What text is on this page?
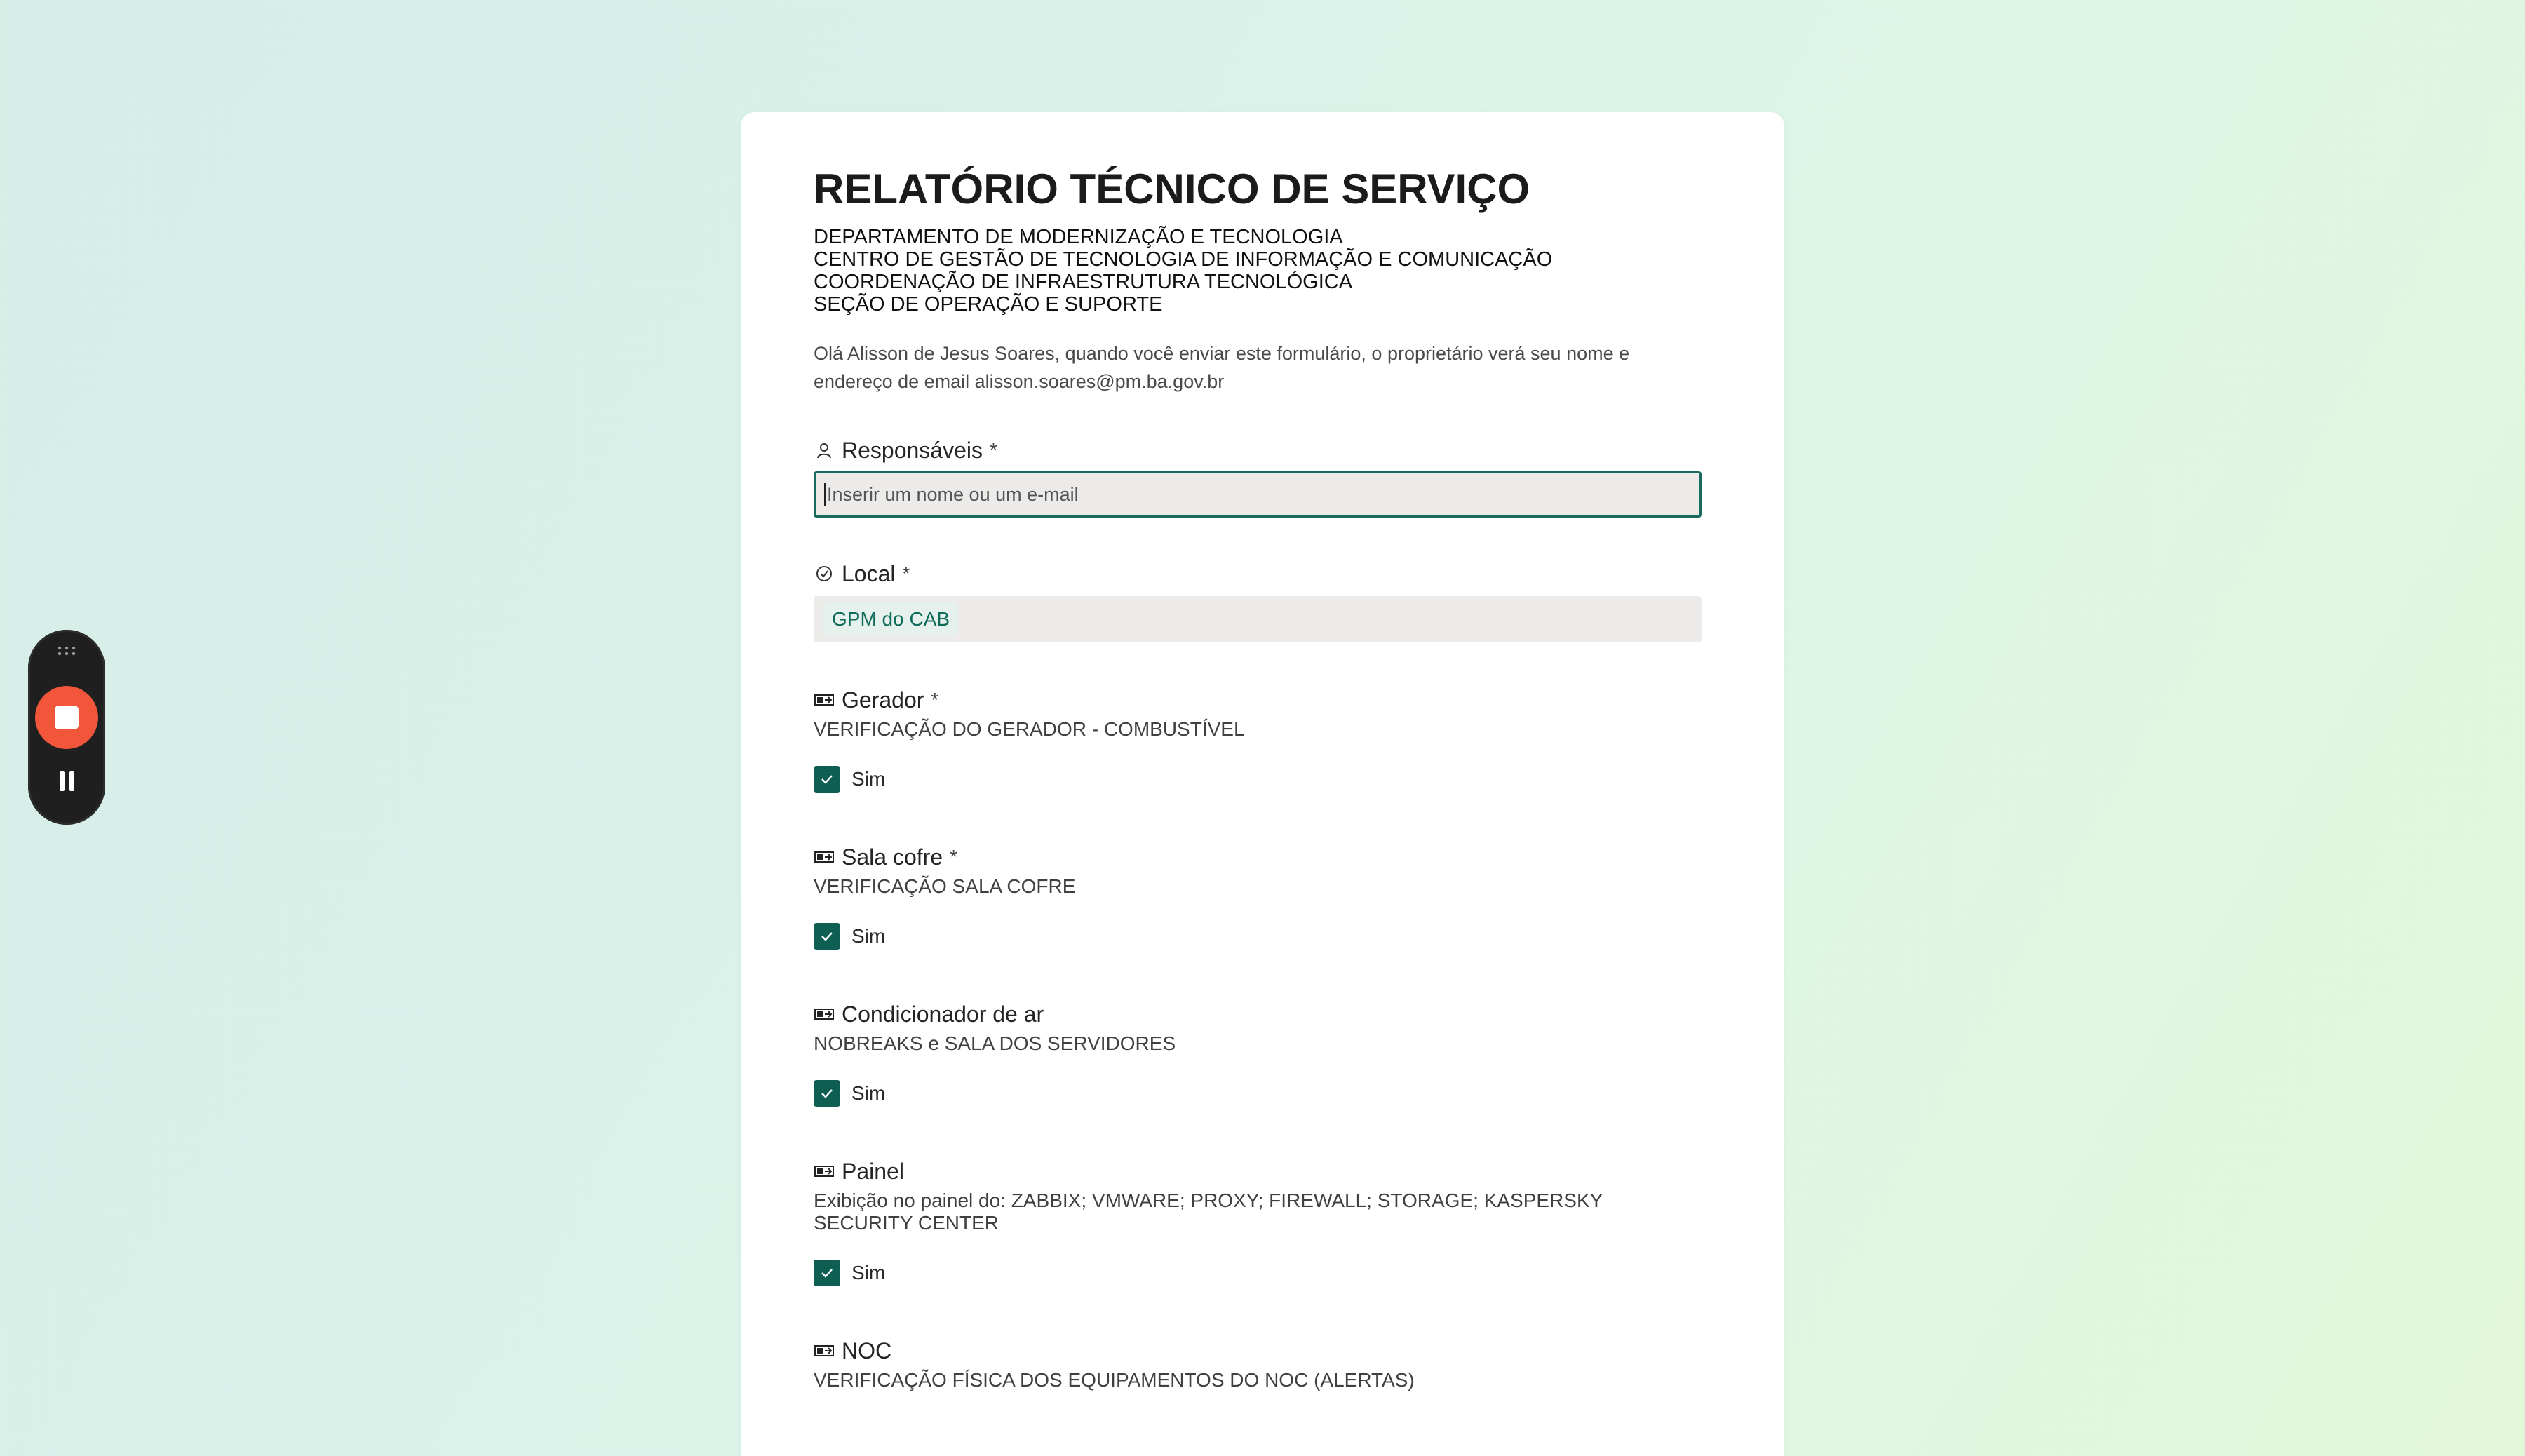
RELATÓRIO TÉCNICO DE SERVIÇO
DEPARTAMENTO DE MODERNIZAÇÃO E TECNOLOGIA
CENTRO DE GESTÃO DE TECNOLOGIA DE INFORMAÇÃO E COMUNICAÇÃO COORDENAÇÃO DE INFRAESTRUTURA TECNOLÓGICA
SEÇÃO DE OPERAÇÃO E SUPORTE
Olá Alisson de Jesus Soares, quando você enviar este formulário, o proprietário verá seu nome e endereço de email alisson.soares@pm.ba.gov.br
Responsáveis *
Inserir um nome ou um e-mail
Local *
GPM do CAB
Gerador *
VERIFICAÇÃO DO GERADOR - COMBUSTÍVEL
Sim
Sala cofre *
VERIFICAÇÃO SALA COFRE
Sim
Condicionador de ar
NOBREAKS e SALA DOS SERVIDORES
Sim
Painel
Exibição no painel do: ZABBIX; VMWARE; PROXY; FIREWALL; STORAGE; KASPERSKY SECURITY CENTER
Sim
NOC
VERIFICAÇÃO FÍSICA DOS EQUIPAMENTOS DO NOC (ALERTAS)
